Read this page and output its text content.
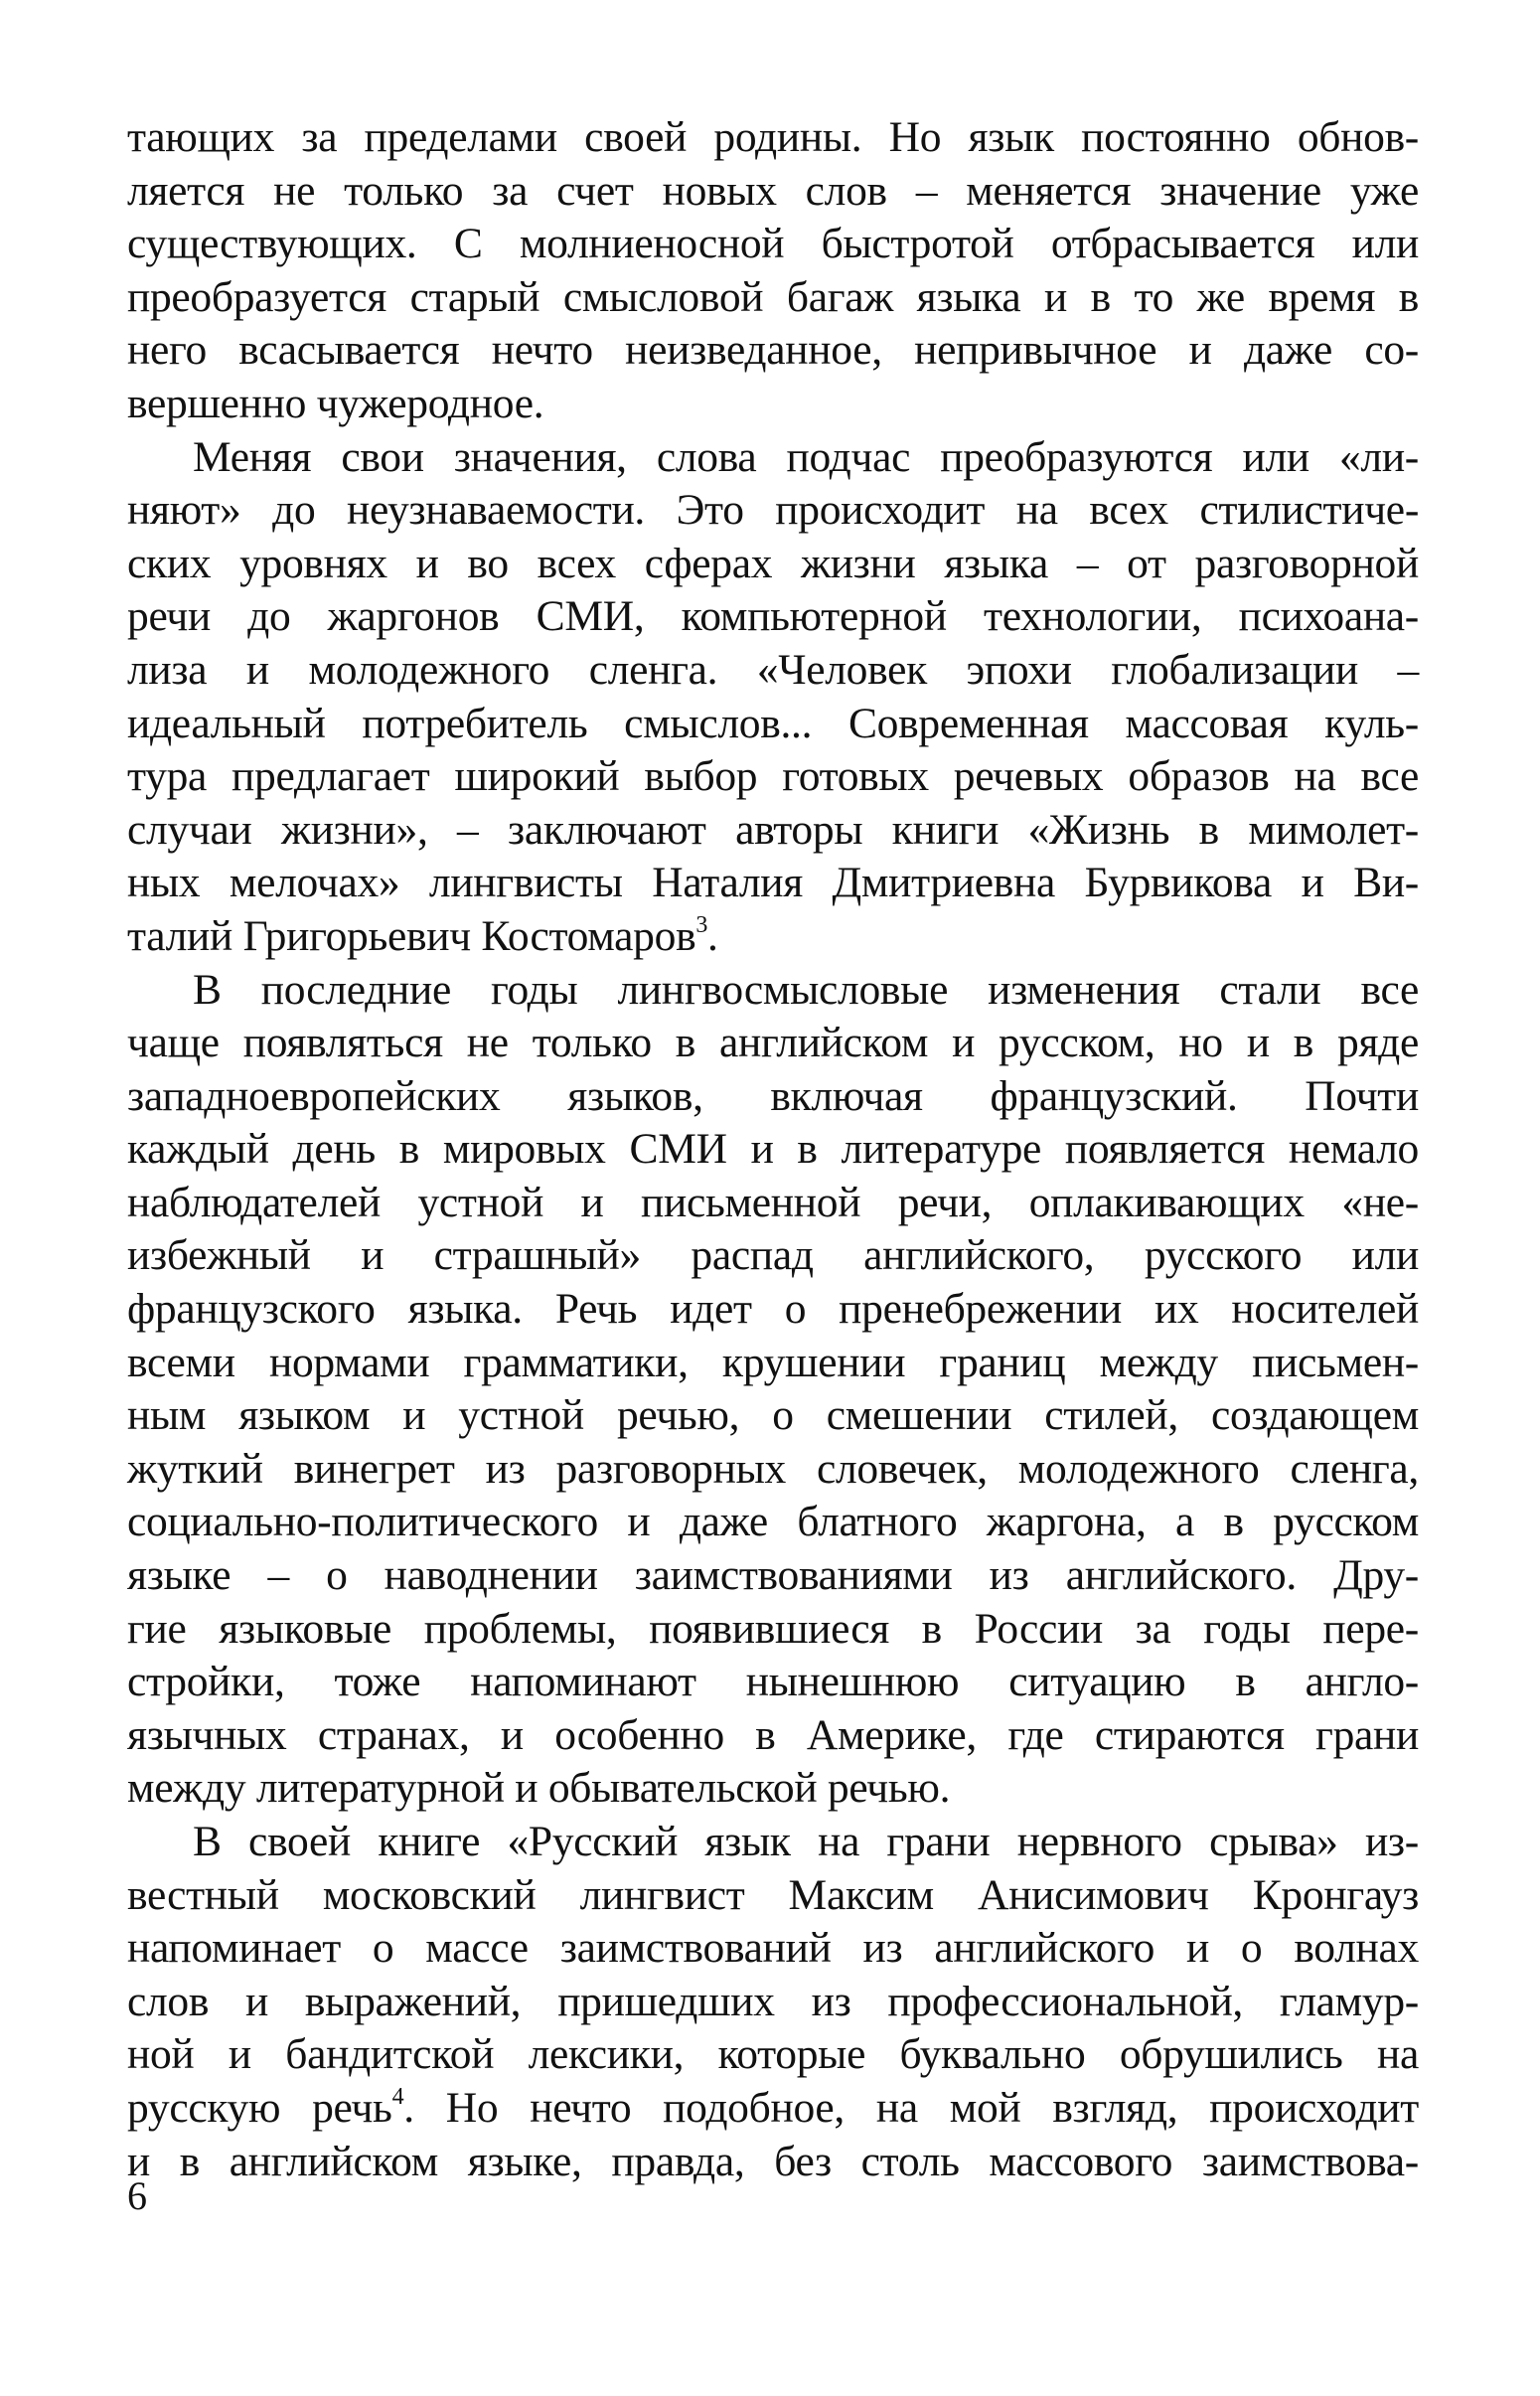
тающих за пределами своей родины. Но язык постоянно обнов-
ляется не только за счет новых слов – меняется значение уже
существующих. С молниеносной быстротой отбрасывается или
преобразуется старый смысловой багаж языка и в то же время в
него всасывается нечто неизведанное, непривычное и даже со-
вершенно чужеродное.
Меняя свои значения, слова подчас преобразуются или «ли-
няют» до неузнаваемости. Это происходит на всех стилистиче-
ских уровнях и во всех сферах жизни языка – от разговорной
речи до жаргонов СМИ, компьютерной технологии, психоана-
лиза и молодежного сленга. «Человек эпохи глобализации –
идеальный потребитель смыслов... Современная массовая куль-
тура предлагает широкий выбор готовых речевых образов на все
случаи жизни», – заключают авторы книги «Жизнь в мимолет-
ных мелочах» лингвисты Наталия Дмитриевна Бурвикова и Ви-
талий Григорьевич Костомаров$^3$.
В последние годы лингвосмысловые изменения стали все
чаще появляться не только в английском и русском, но и в ряде
западноевропейских языков, включая французский. Почти
каждый день в мировых СМИ и в литературе появляется немало
наблюдателей устной и письменной речи, оплакивающих «не-
избежный и страшный» распад английского, русского или
французского языка. Речь идет о пренебрежении их носителей
всеми нормами грамматики, крушении границ между письмен-
ным языком и устной речью, о смешении стилей, создающем
жуткий винегрет из разговорных словечек, молодежного сленга,
социально-политического и даже блатного жаргона, а в русском
языке – о наводнении заимствованиями из английского. Дру-
гие языковые проблемы, появившиеся в России за годы пере-
стройки, тоже напоминают нынешнюю ситуацию в англо-
язычных странах, и особенно в Америке, где стираются грани
между литературной и обывательской речью.
В своей книге «Русский язык на грани нервного срыва» из-
вестный московский лингвист Максим Анисимович Кронгауз
напоминает о массе заимствований из английского и о волнах
слов и выражений, пришедших из профессиональной, гламур-
ной и бандитской лексики, которые буквально обрушились на
русскую речь$^4$. Но нечто подобное, на мой взгляд, происходит
и в английском языке, правда, без столь массового заимствова-
6
